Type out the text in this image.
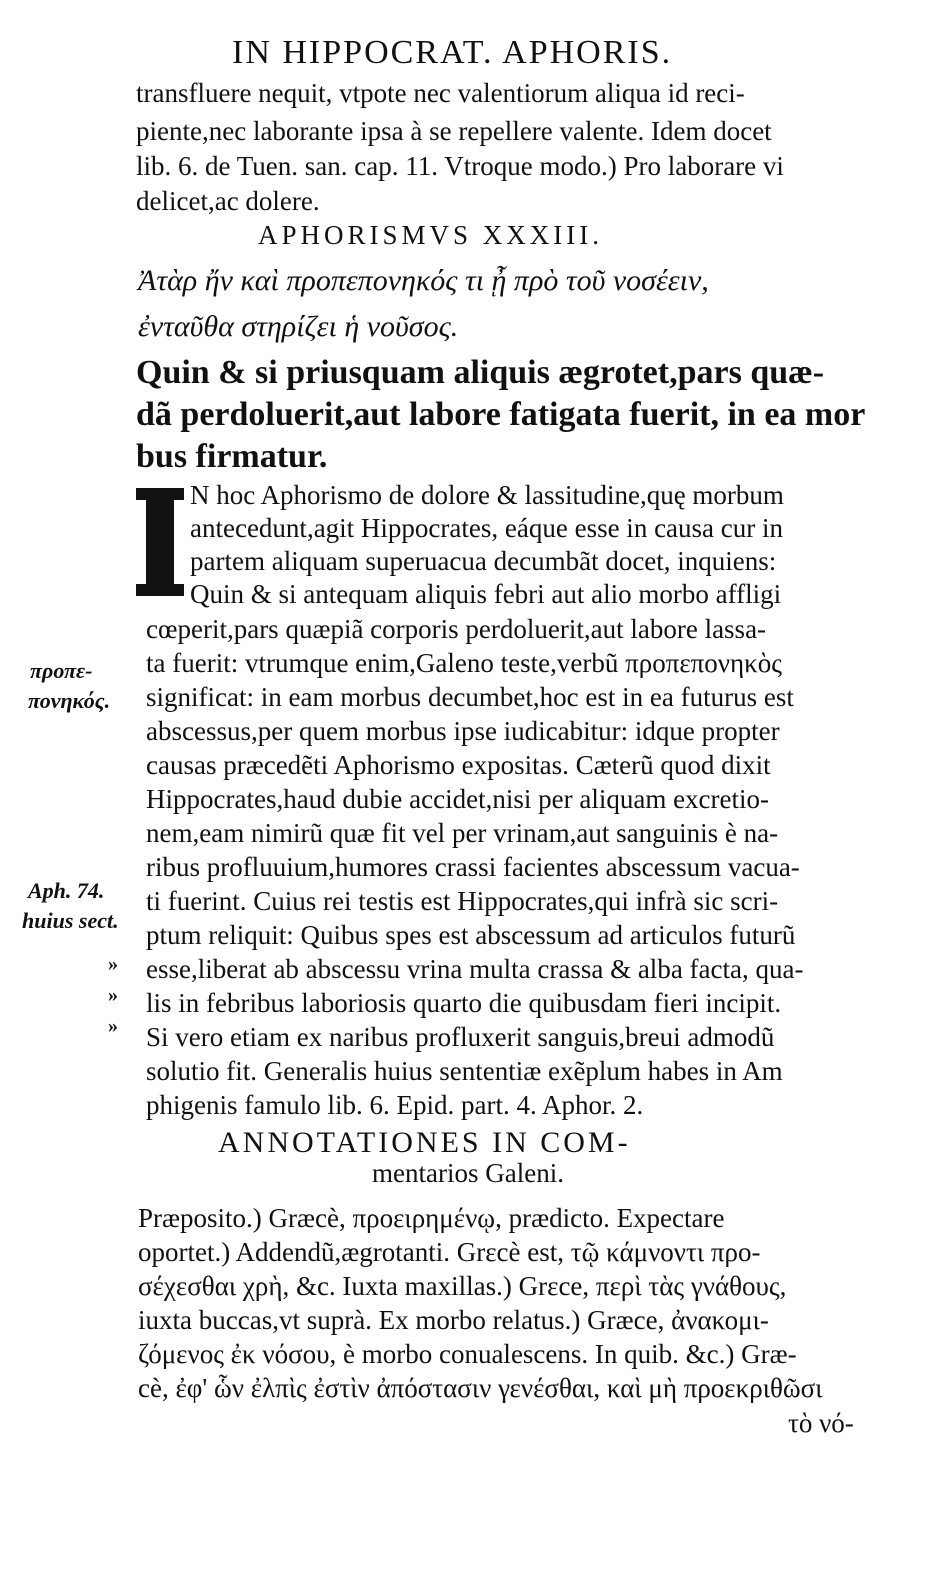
IN HIPPOCRAT. APHORIS.
transfluere nequit, vtpote nec valentiorum aliqua id reci-
piente,nec laborante ipsa à se repellere valente. Idem docet
lib. 6. de Tuen. san. cap. 11. Vtroque modo.) Pro laborare vi
delicet,ac dolere.
APHORISMVS XXXIII.
Ἀτὰρ ἤν καὶ προπεπονηκός τι ᾖ πρὸ τοῦ νοσέειν,
ἐνταῦθα στηρίζει ἡ νοῦσος.
Quin & si priusquam aliquis ægrotet,pars quæ-
dã perdoluerit,aut labore fatigata fuerit, in ea mor
bus firmatur.
N hoc Aphorismo de dolore & lassitudine,quę morbum
antecedunt,agit Hippocrates, eáque esse in causa cur in
partem aliquam superuacua decumbãt docet, inquiens:
Quin & si antequam aliquis febri aut alio morbo affligi
cœperit,pars quæpiã corporis perdoluerit,aut labore lassa-
ta fuerit: vtrumque enim,Galeno teste,verbũ προπεπονηκὸς
significat: in eam morbus decumbet,hoc est in ea futurus est
abscessus,per quem morbus ipse iudicabitur: idque propter
causas præcedẽti Aphorismo expositas. Cæterũ quod dixit
Hippocrates,haud dubie accidet,nisi per aliquam excretio-
nem,eam nimirũ quæ fit vel per vrinam,aut sanguinis è na-
ribus profluuium,humores crassi facientes abscessum vacua-
ti fuerint. Cuius rei testis est Hippocrates,qui infrà sic scri-
ptum reliquit: Quibus spes est abscessum ad articulos futurũ
esse,liberat ab abscessu vrina multa crassa & alba facta, qua-
lis in febribus laboriosis quarto die quibusdam fieri incipit.
Si vero etiam ex naribus profluxerit sanguis,breui admodũ
solutio fit. Generalis huius sententiæ exẽplum habes in Am
phigenis famulo lib. 6. Epid. part. 4. Aphor. 2.
προπε-
πονηκός.
Aph. 74.
huius sect.
»
»
»
ANNOTATIONES IN COM-
mentarios Galeni.
Præposito.) Græcè, προειρημένῳ, prædicto. Expectare
oportet.) Addendũ,ægrotanti. Grεcè est, τῷ κάμνοντι πρo-
σέχεσθαι χρὴ, &c. Iuxta maxillas.) Grεce, περὶ τὰς γνάθους,
iuxta buccas,vt suprà. Ex morbo relatus.) Græce, ἀνακομι-
ζόμενος ἐκ νόσου, è morbo conualescens. In quib. &c.) Græ-
cè, ἐφ' ὧν ἐλπὶς ἐστὶν ἀπόστασιν γενέσθαι, καὶ μὴ προεκριθῶσι
τὸ νό-
